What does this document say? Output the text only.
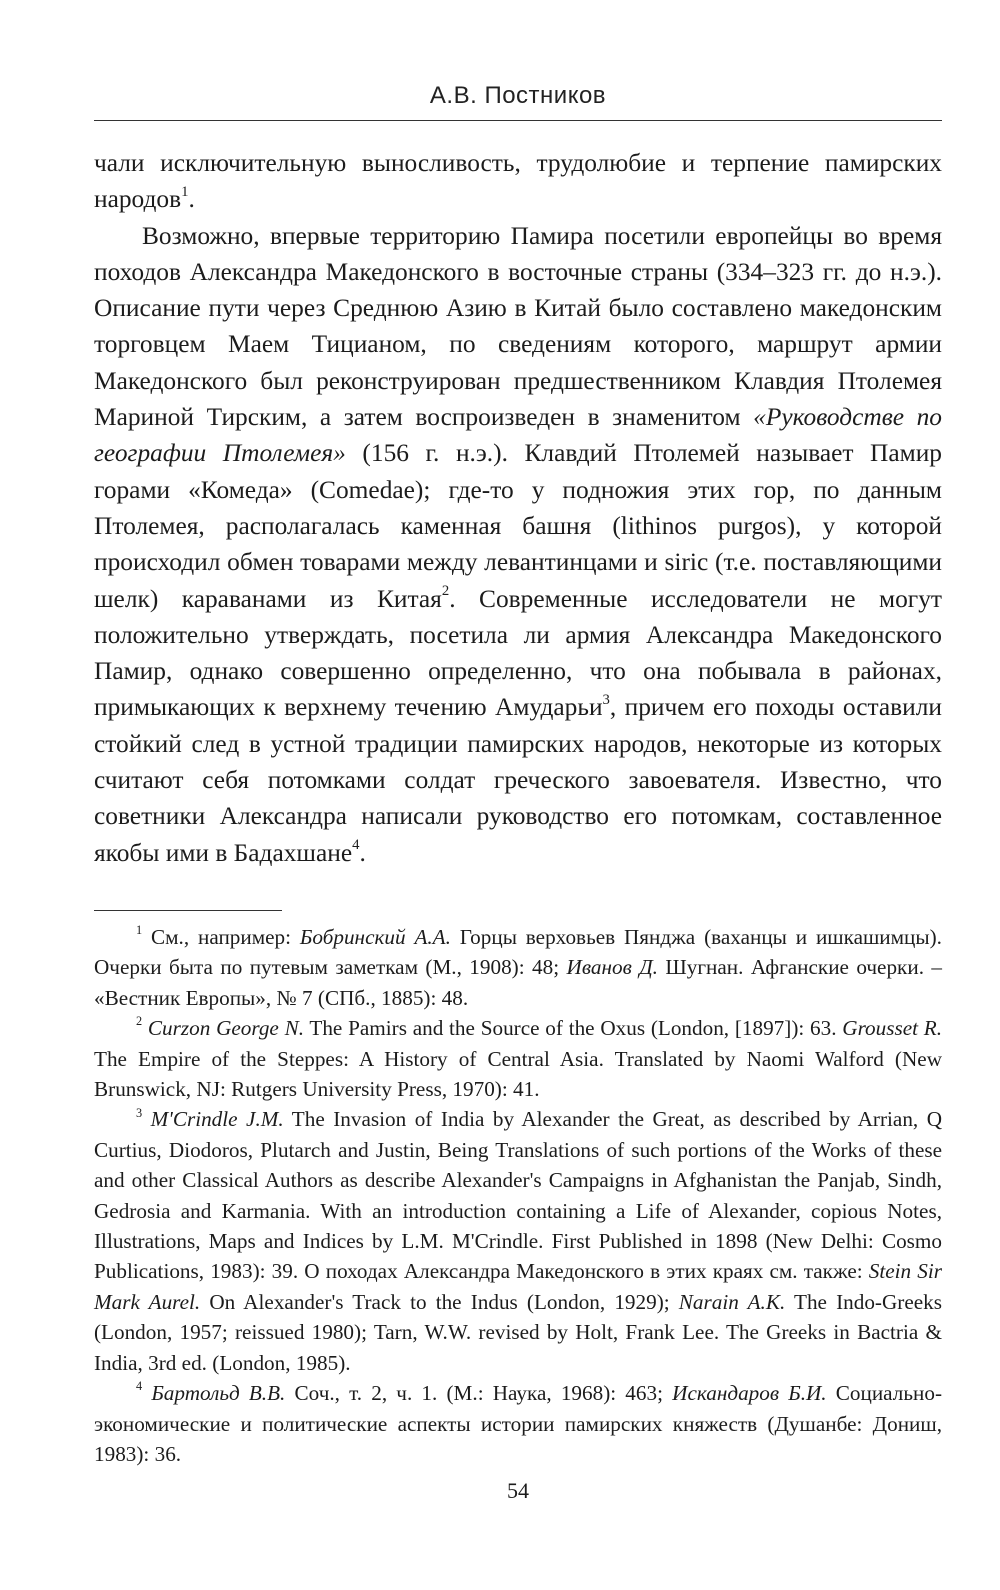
А.В. Постников

чали исключительную выносливость, трудолюбие и терпение памирских народов$^1$.

Возможно, впервые территорию Памира посетили европейцы во время походов Александра Македонского в восточные страны (334–323 гг. до н.э.). Описание пути через Среднюю Азию в Китай было составлено македонским торговцем Маем Тицианом, по сведениям которого, маршрут армии Македонского был реконструирован предшественником Клавдия Птолемея Мариной Тирским, а затем воспроизведен в знаменитом «Руководстве по географии Птолемея» (156 г. н.э.). Клавдий Птолемей называет Памир горами «Комеда» (Comedae); где-то у подножия этих гор, по данным Птолемея, располагалась каменная башня (lithinos purgos), у которой происходил обмен товарами между левантинцами и siric (т.е. поставляющими шелк) караванами из Китая$^2$. Современные исследователи не могут положительно утверждать, посетила ли армия Александра Македонского Памир, однако совершенно определенно, что она побывала в районах, примыкающих к верхнему течению Амударьи$^3$, причем его походы оставили стойкий след в устной традиции памирских народов, некоторые из которых считают себя потомками солдат греческого завоевателя. Известно, что советники Александра написали руководство его потомкам, составленное якобы ими в Бадахшане$^4$.

$^1$ См., например: Бобринский А.А. Горцы верховьев Пянджа (ваханцы и ишкашимцы). Очерки быта по путевым заметкам (М., 1908): 48; Иванов Д. Шугнан. Афганские очерки. – «Вестник Европы», № 7 (СПб., 1885): 48.

$^2$ Curzon George N. The Pamirs and the Source of the Oxus (London, [1897]): 63. Grousset R. The Empire of the Steppes: A History of Central Asia. Translated by Naomi Walford (New Brunswick, NJ: Rutgers University Press, 1970): 41.

$^3$ M'Crindle J.M. The Invasion of India by Alexander the Great, as described by Arrian, Q Curtius, Diodoros, Plutarch and Justin, Being Translations of such portions of the Works of these and other Classical Authors as describe Alexander's Campaigns in Afghanistan the Panjab, Sindh, Gedrosia and Karmania. With an introduction containing a Life of Alexander, copious Notes, Illustrations, Maps and Indices by L.M. M'Crindle. First Published in 1898 (New Delhi: Cosmo Publications, 1983): 39. О походах Александра Македонского в этих краях см. также: Stein Sir Mark Aurel. On Alexander's Track to the Indus (London, 1929); Narain A.K. The Indo-Greeks (London, 1957; reissued 1980); Tarn, W.W. revised by Holt, Frank Lee. The Greeks in Bactria & India, 3rd ed. (London, 1985).

$^4$ Бартольд В.В. Соч., т. 2, ч. 1. (М.: Наука, 1968): 463; Искандаров Б.И. Социально-экономические и политические аспекты истории памирских княжеств (Душанбе: Дониш, 1983): 36.

54
